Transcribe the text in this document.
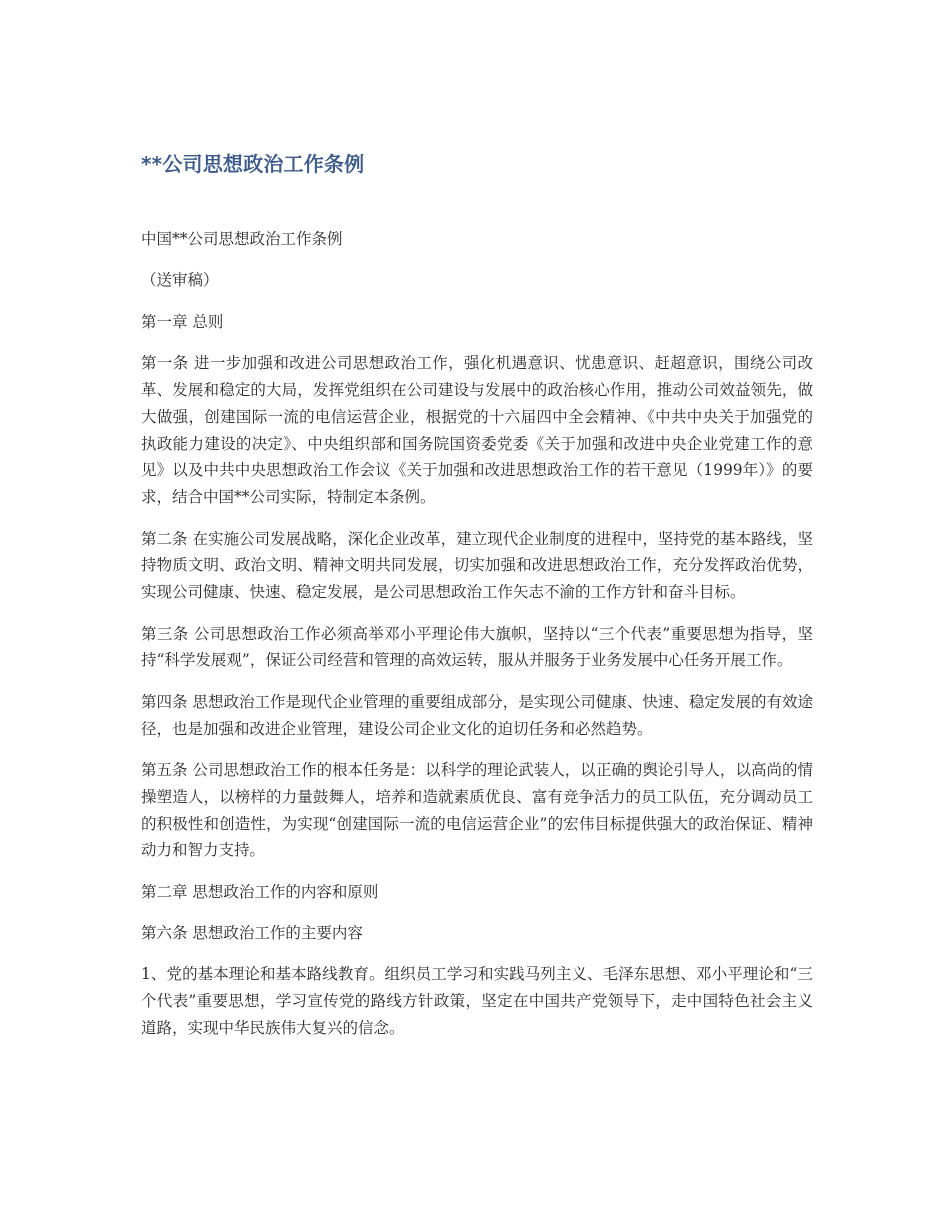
**公司思想政治工作条例

中国**公司思想政治工作条例

（送审稿）

第一章 总则

第一条 进一步加强和改进公司思想政治工作，强化机遇意识、忧患意识、赶超意识，围绕公司改革、发展和稳定的大局，发挥党组织在公司建设与发展中的政治核心作用，推动公司效益领先，做大做强，创建国际一流的电信运营企业，根据党的十六届四中全会精神、《中共中央关于加强党的执政能力建设的决定》、中央组织部和国务院国资委党委《关于加强和改进中央企业党建工作的意见》以及中共中央思想政治工作会议《关于加强和改进思想政治工作的若干意见（1999年）》的要求，结合中国**公司实际，特制定本条例。

第二条 在实施公司发展战略，深化企业改革，建立现代企业制度的进程中，坚持党的基本路线，坚持物质文明、政治文明、精神文明共同发展，切实加强和改进思想政治工作，充分发挥政治优势，实现公司健康、快速、稳定发展，是公司思想政治工作矢志不渝的工作方针和奋斗目标。

第三条 公司思想政治工作必须高举邓小平理论伟大旗帜，坚持以“三个代表”重要思想为指导，坚持“科学发展观”，保证公司经营和管理的高效运转，服从并服务于业务发展中心任务开展工作。

第四条 思想政治工作是现代企业管理的重要组成部分，是实现公司健康、快速、稳定发展的有效途径，也是加强和改进企业管理，建设公司企业文化的迫切任务和必然趋势。

第五条 公司思想政治工作的根本任务是：以科学的理论武装人，以正确的舆论引导人，以高尚的情操塑造人，以榜样的力量鼓舞人，培养和造就素质优良、富有竞争活力的员工队伍，充分调动员工的积极性和创造性，为实现“创建国际一流的电信运营企业”的宏伟目标提供强大的政治保证、精神动力和智力支持。

第二章 思想政治工作的内容和原则

第六条 思想政治工作的主要内容

1、党的基本理论和基本路线教育。组织员工学习和实践马列主义、毛泽东思想、邓小平理论和“三个代表”重要思想，学习宣传党的路线方针政策，坚定在中国共产党领导下，走中国特色社会主义道路，实现中华民族伟大复兴的信念。
